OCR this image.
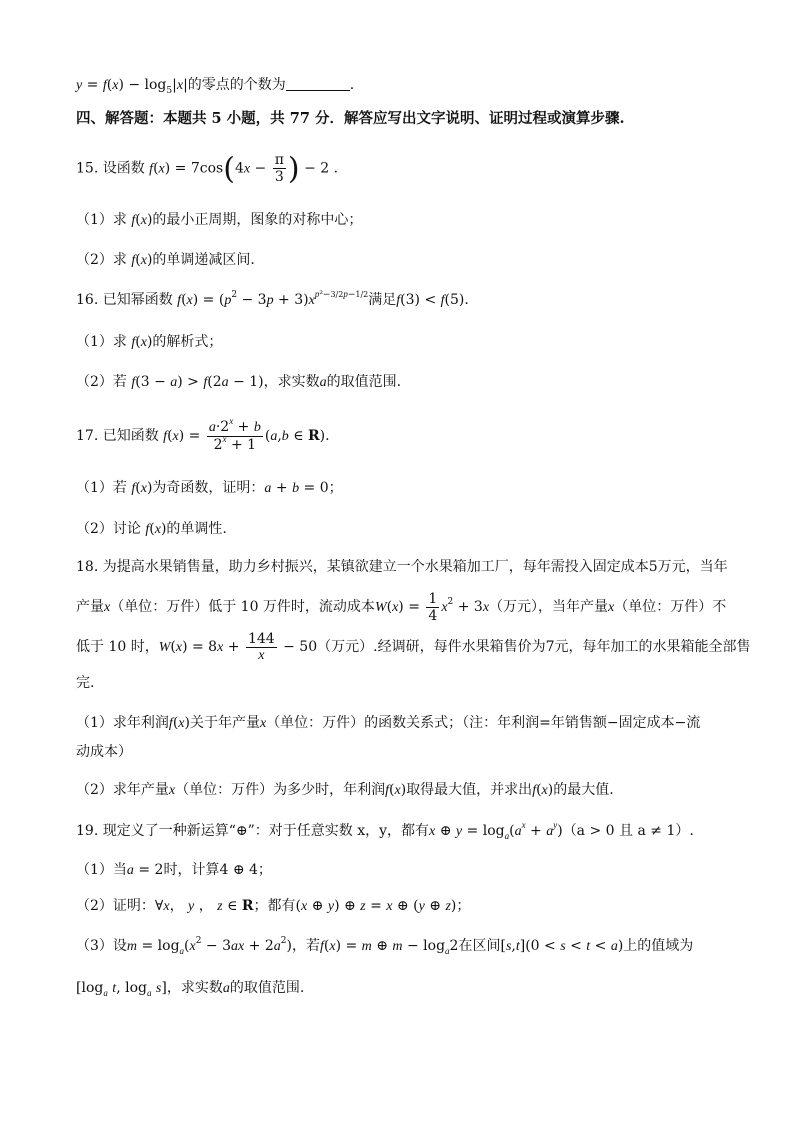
$y = f(x) - \log_5|x|$的零点的个数为	.
四、解答题：本题共 5 小题，共 77 分．解答应写出文字说明、证明过程或演算步骤.
15. 设函数 $f(x) = 7\cos(4x - \frac{\pi}{3}$ ) − 2 .
（1）求 f(x)的最小正周期，图象的对称中心；
（2）求 f(x)的单调递减区间.
16. 已知幂函数 $f(x) = (p^2 - 3p + 3)x^{p^2-3/2p-1/2}$满足f(3) < f(5).
（1）求 f(x)的解析式；
（2）若 f(3 − a) > f(2a − 1)，求实数a的取值范围.
17. 已知函数 $f(x) = \frac{a\cdot 2^x + b}{2^x + 1} (a,b$ ∈ R).
（1）若 f(x)为奇函数，证明：a + b = 0；
（2）讨论 f(x)的单调性.
18. 为提高水果销售量，助力乡村振兴，某镇欲建立一个水果箱加工厂，每年需投入固定成本5万元，当年
产量x（单位：万件）低于 10 万件时，流动成本$W(x) = \frac{1}{4} x^2 + 3x$（万元），当年产量x（单位：万件）不
低于 10 时，$W(x) = 8x + \frac{144}{x} - 50$（万元）.经调研，每件水果箱售价为7元，每年加工的水果箱能全部售
完.
（1）求年利润f(x)关于年产量x（单位：万件）的函数关系式；（注：年利润=年销售额−固定成本−流
动成本）
（2）求年产量x（单位：万件）为多少时，年利润f(x)取得最大值，并求出f(x)的最大值.
19. 现定义了一种新运算“⊕”：对于任意实数 x，y，都有x ⊕ $y = \log_a(a^x + a^y)(a > 0$ 且 a ≠ 1）.
（1）当a = 2时，计算4 ⊕ 4；
（2）证明：∀x， y ， z ∈ R；都有(x ⊕ y) ⊕ z = x ⊕ (y ⊕ z)；
（3）设$m = \log_a(x^2 - 3ax + 2a^2)$，若f(x) = m ⊕ $m - \log_a2$在区间[s,t](0 < s < t < a)上的值域为
[$\log_a$ t, $\log_a s$]，求实数a的取值范围.
